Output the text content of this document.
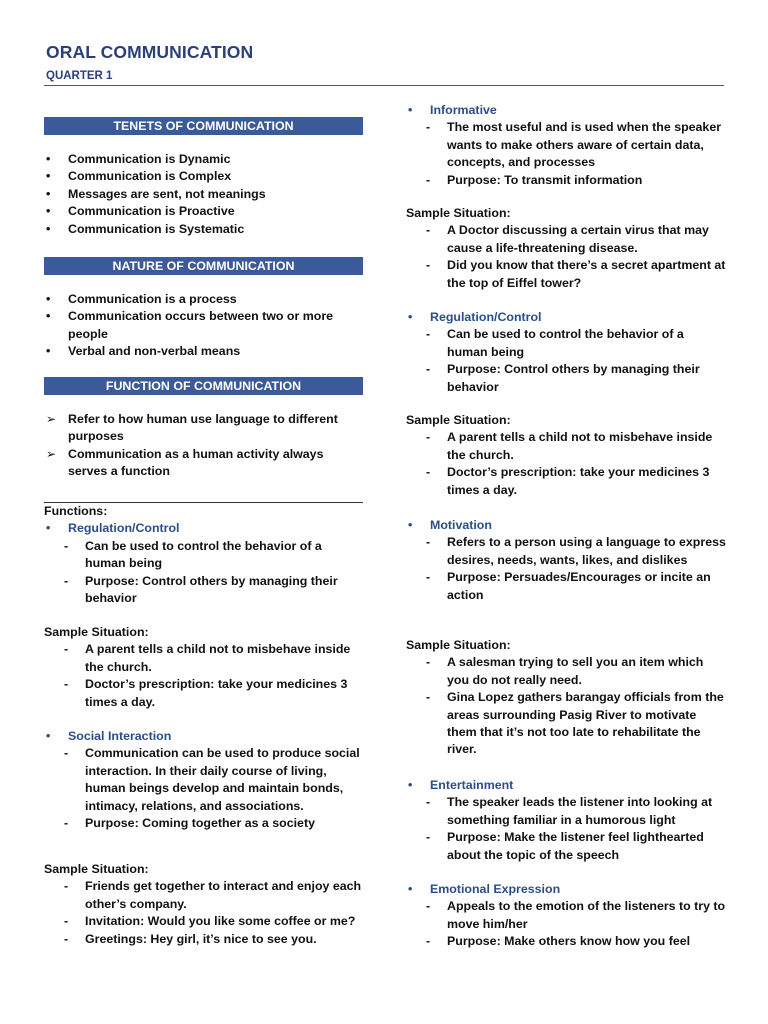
ORAL COMMUNICATION
QUARTER 1
TENETS OF COMMUNICATION
• Communication is Dynamic
• Communication is Complex
• Messages are sent, not meanings
• Communication is Proactive
• Communication is Systematic
NATURE OF COMMUNICATION
• Communication is a process
• Communication occurs between two or more people
• Verbal and non-verbal means
FUNCTION OF COMMUNICATION
➢ Refer to how human use language to different purposes
➢ Communication as a human activity always serves a function
Functions:
• Regulation/Control
- Can be used to control the behavior of a human being
- Purpose: Control others by managing their behavior
Sample Situation:
- A parent tells a child not to misbehave inside the church.
- Doctor’s prescription: take your medicines 3 times a day.
• Social Interaction
- Communication can be used to produce social interaction. In their daily course of living, human beings develop and maintain bonds, intimacy, relations, and associations.
- Purpose: Coming together as a society
Sample Situation:
- Friends get together to interact and enjoy each other’s company.
- Invitation: Would you like some coffee or me?
- Greetings: Hey girl, it’s nice to see you.
• Informative
- The most useful and is used when the speaker wants to make others aware of certain data, concepts, and processes
- Purpose: To transmit information
Sample Situation:
- A Doctor discussing a certain virus that may cause a life-threatening disease.
- Did you know that there’s a secret apartment at the top of Eiffel tower?
• Regulation/Control
- Can be used to control the behavior of a human being
- Purpose: Control others by managing their behavior
Sample Situation:
- A parent tells a child not to misbehave inside the church.
- Doctor’s prescription: take your medicines 3 times a day.
• Motivation
- Refers to a person using a language to express desires, needs, wants, likes, and dislikes
- Purpose: Persuades/Encourages or incite an action
Sample Situation:
- A salesman trying to sell you an item which you do not really need.
- Gina Lopez gathers barangay officials from the areas surrounding Pasig River to motivate them that it’s not too late to rehabilitate the river.
• Entertainment
- The speaker leads the listener into looking at something familiar in a humorous light
- Purpose: Make the listener feel lighthearted about the topic of the speech
• Emotional Expression
- Appeals to the emotion of the listeners to try to move him/her
- Purpose: Make others know how you feel
